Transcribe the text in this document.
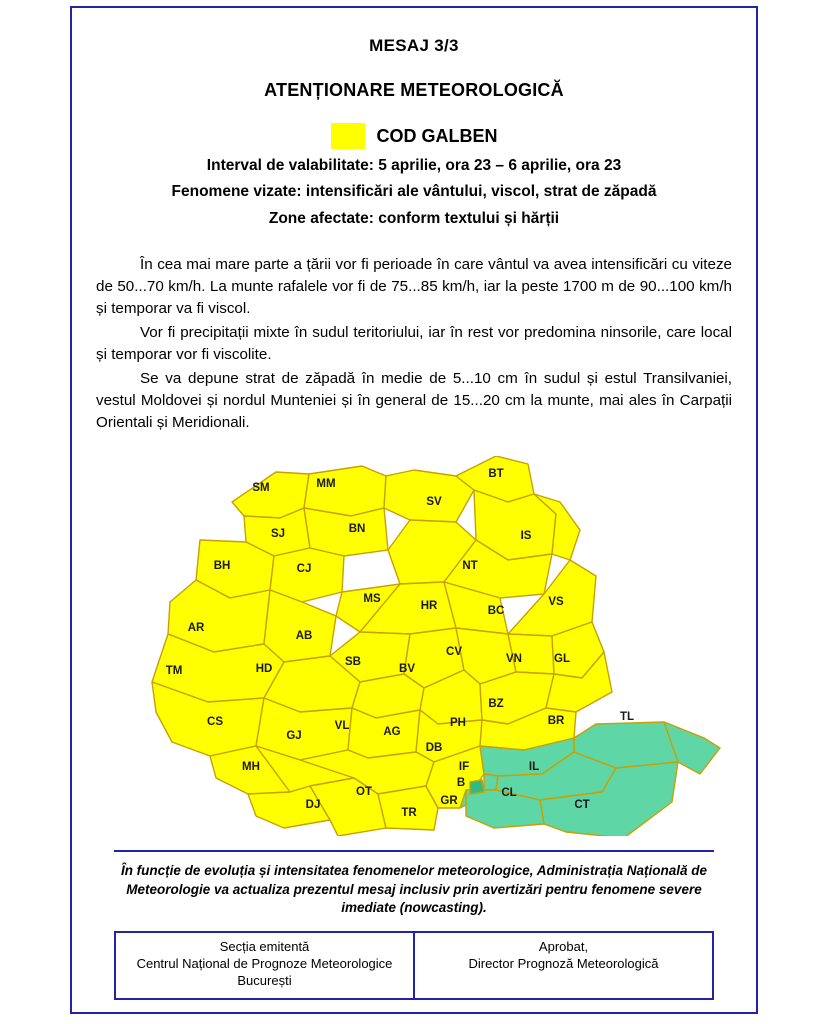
MESAJ 3/3
ATENȚIONARE METEOROLOGICĂ
COD GALBEN
Interval de valabilitate: 5 aprilie, ora 23 – 6 aprilie, ora 23
Fenomene vizate: intensificări ale vântului, viscol, strat de zăpadă
Zone afectate: conform textului și hărții

În cea mai mare parte a țării vor fi perioade în care vântul va avea intensificări cu viteze de 50...70 km/h. La munte rafalele vor fi de 75...85 km/h, iar la peste 1700 m de 90...100 km/h și temporar va fi viscol.

Vor fi precipitații mixte în sudul teritoriului, iar în rest vor predomina ninsorile, care local și temporar vor fi viscolite.

Se va depune strat de zăpadă în medie de 5...10 cm în sudul și estul Transilvaniei, vestul Moldovei și nordul Munteniei și în general de 15...20 cm la munte, mai ales în Carpații Orientali și Meridionali.

SM	MM
SV
BT
SJ	BN
IS
BH	CJ	NT
MS
HR	BC
VS
AR
AB
CV
VN	GL
TM	HD
SB
BV
BZ
CS
GJ
VL	AG
PH	BR	TL
DB
MH	IF
B
IL
OT
DJ
TR
GR
CL
CT
În funcție de evoluția și intensitatea fenomenelor meteorologice, Administrația Națională de Meteorologie va actualiza prezentul mesaj inclusiv prin avertizări pentru fenomene severe imediate (nowcasting).
Secția emitentă
Centrul Național de Prognoze Meteorologice
București

Aprobat,
Director Prognoză Meteorologică
